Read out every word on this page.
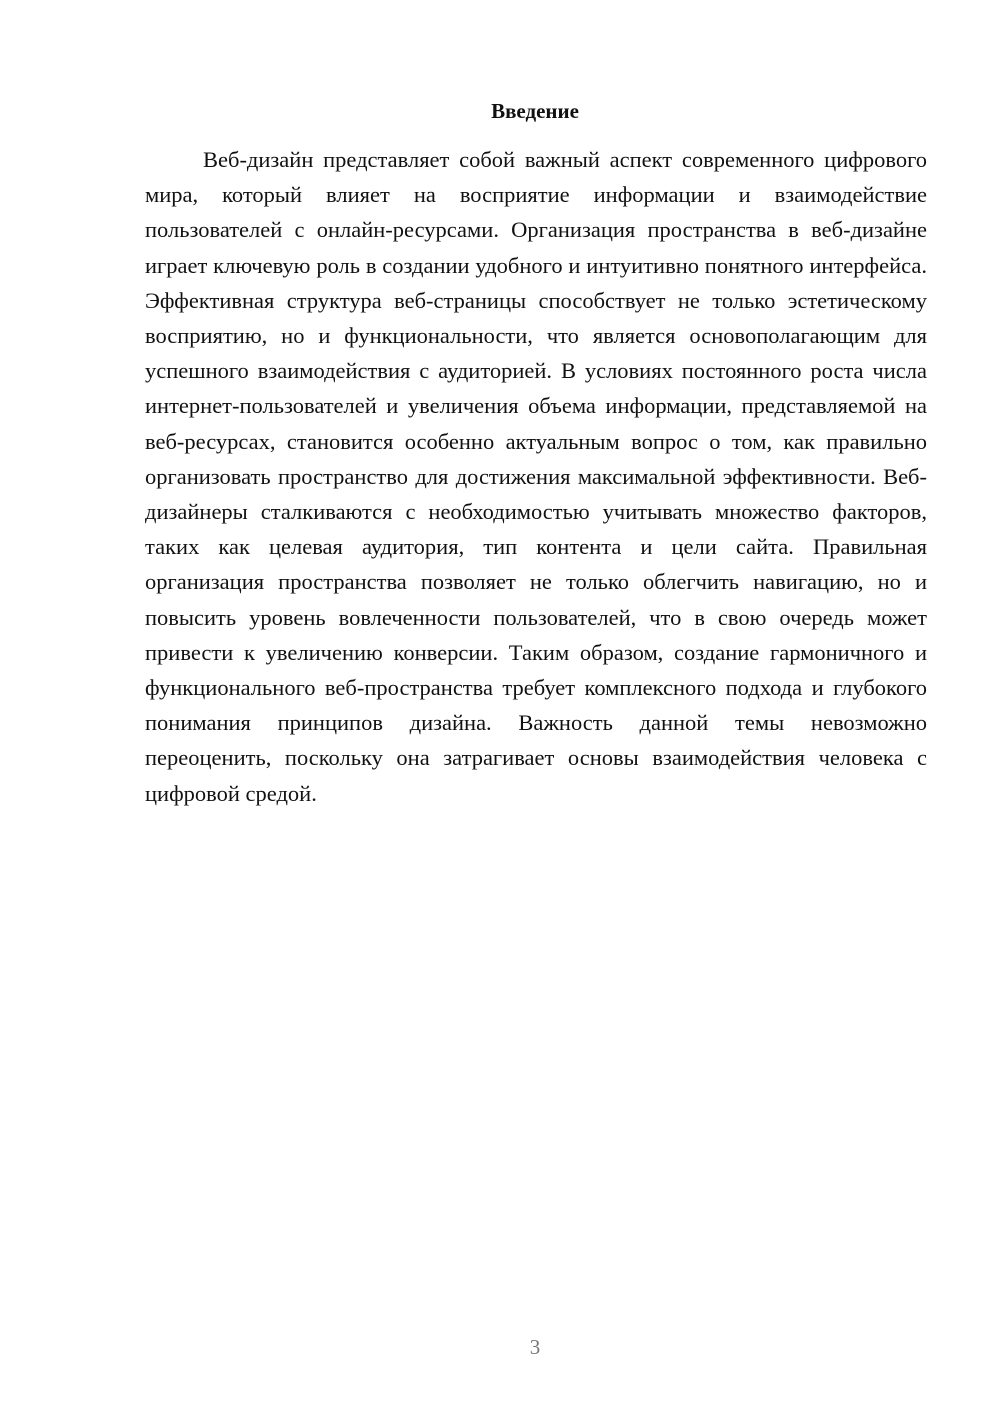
Введение

Веб-дизайн представляет собой важный аспект современного цифрового мира, который влияет на восприятие информации и взаимодействие пользователей с онлайн-ресурсами. Организация пространства в веб-дизайне играет ключевую роль в создании удобного и интуитивно понятного интерфейса. Эффективная структура веб-страницы способствует не только эстетическому восприятию, но и функциональности, что является основополагающим для успешного взаимодействия с аудиторией. В условиях постоянного роста числа интернет-пользователей и увеличения объема информации, представляемой на веб-ресурсах, становится особенно актуальным вопрос о том, как правильно организовать пространство для достижения максимальной эффективности. Веб-дизайнеры сталкиваются с необходимостью учитывать множество факторов, таких как целевая аудитория, тип контента и цели сайта. Правильная организация пространства позволяет не только облегчить навигацию, но и повысить уровень вовлеченности пользователей, что в свою очередь может привести к увеличению конверсии. Таким образом, создание гармоничного и функционального веб-пространства требует комплексного подхода и глубокого понимания принципов дизайна. Важность данной темы невозможно переоценить, поскольку она затрагивает основы взаимодействия человека с цифровой средой.

3
